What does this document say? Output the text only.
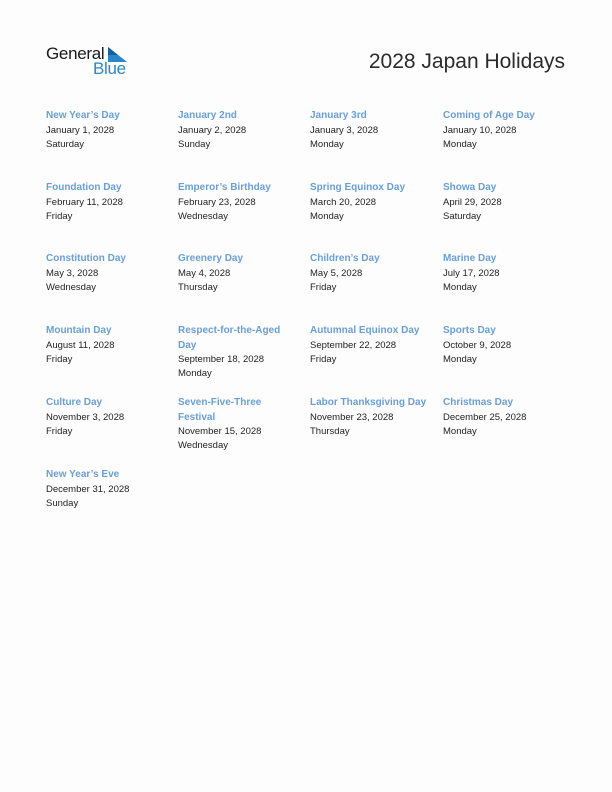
General
Blue	2028 Japan Holidays
New Year’s Day
January 1, 2028
Saturday
January 2nd
January 2, 2028
Sunday
January 3rd
January 3, 2028
Monday
Coming of Age Day
January 10, 2028
Monday
Foundation Day
February 11, 2028
Friday
Emperor’s Birthday
February 23, 2028
Wednesday
Spring Equinox Day
March 20, 2028
Monday
Showa Day
April 29, 2028
Saturday
Constitution Day
May 3, 2028
Wednesday
Greenery Day
May 4, 2028
Thursday
Children’s Day
May 5, 2028
Friday
Marine Day
July 17, 2028
Monday
Mountain Day
August 11, 2028
Friday
Respect-for-the-Aged Day
September 18, 2028
Monday
Autumnal Equinox Day
September 22, 2028
Friday
Sports Day
October 9, 2028
Monday
Culture Day
November 3, 2028
Friday
Seven-Five-Three Festival
November 15, 2028
Wednesday
Labor Thanksgiving Day
November 23, 2028
Thursday
Christmas Day
December 25, 2028
Monday
New Year’s Eve
December 31, 2028
Sunday
